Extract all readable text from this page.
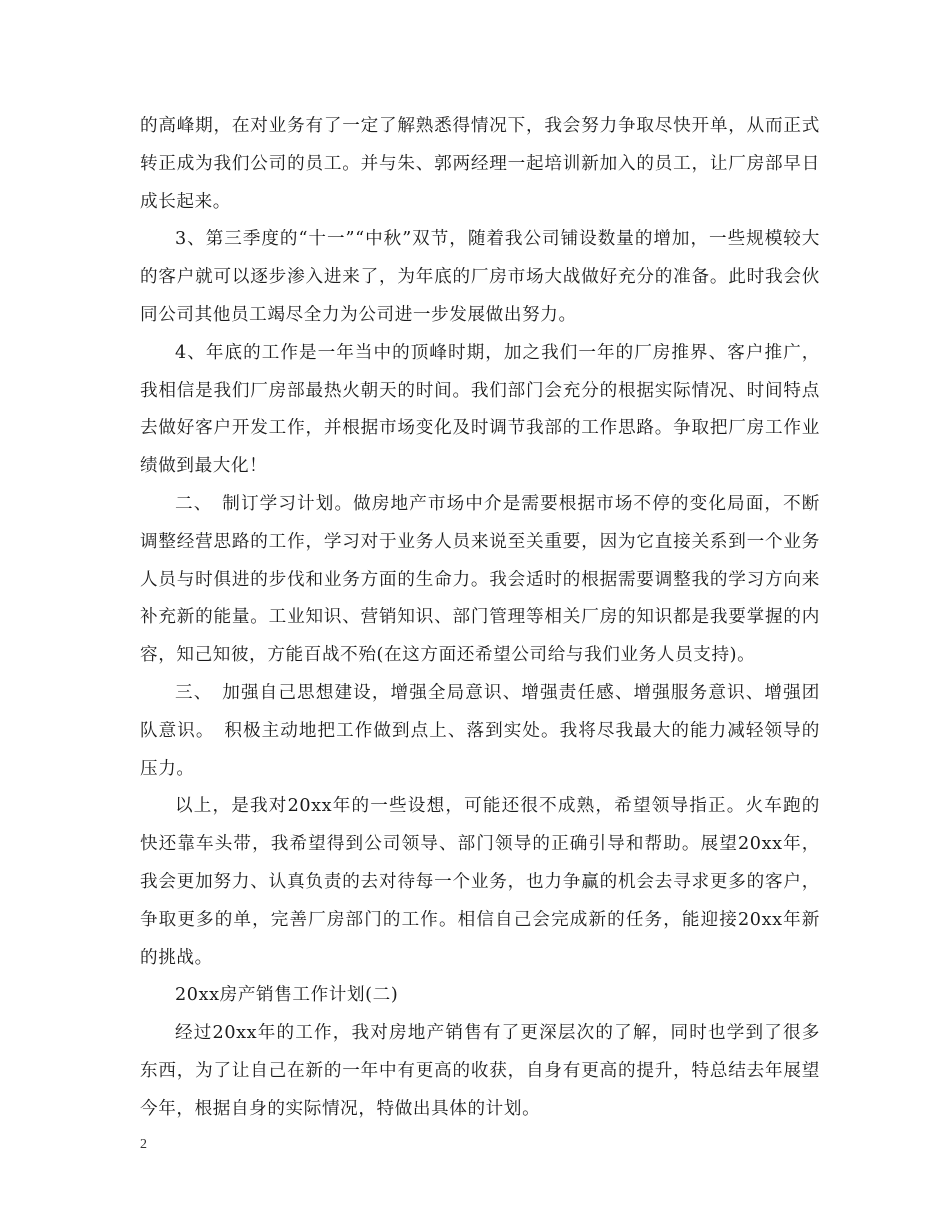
的高峰期，在对业务有了一定了解熟悉得情况下，我会努力争取尽快开单，从而正式转正成为我们公司的员工。并与朱、郭两经理一起培训新加入的员工，让厂房部早日成长起来。

3、第三季度的“十一”“中秋”双节，随着我公司铺设数量的增加，一些规模较大的客户就可以逐步渗入进来了，为年底的厂房市场大战做好充分的准备。此时我会伙同公司其他员工竭尽全力为公司进一步发展做出努力。

4、年底的工作是一年当中的顶峰时期，加之我们一年的厂房推界、客户推广，我相信是我们厂房部最热火朝天的时间。我们部门会充分的根据实际情况、时间特点去做好客户开发工作，并根据市场变化及时调节我部的工作思路。争取把厂房工作业绩做到最大化！

二、　制订学习计划。做房地产市场中介是需要根据市场不停的变化局面，不断调整经营思路的工作，学习对于业务人员来说至关重要，因为它直接关系到一个业务人员与时俱进的步伐和业务方面的生命力。我会适时的根据需要调整我的学习方向来补充新的能量。工业知识、营销知识、部门管理等相关厂房的知识都是我要掌握的内容，知己知彼，方能百战不殆(在这方面还希望公司给与我们业务人员支持)。

三、　加强自己思想建设，增强全局意识、增强责任感、增强服务意识、增强团队意识。　积极主动地把工作做到点上、落到实处。我将尽我最大的能力减轻领导的压力。

以上，是我对20xx年的一些设想，可能还很不成熟，希望领导指正。火车跑的快还靠车头带，我希望得到公司领导、部门领导的正确引导和帮助。展望20xx年，我会更加努力、认真负责的去对待每一个业务，也力争赢的机会去寻求更多的客户，争取更多的单，完善厂房部门的工作。相信自己会完成新的任务，能迎接20xx年新的挑战。

20xx房产销售工作计划(二)

经过20xx年的工作，我对房地产销售有了更深层次的了解，同时也学到了很多东西，为了让自己在新的一年中有更高的收获，自身有更高的提升，特总结去年展望今年，根据自身的实际情况，特做出具体的计划。

2
